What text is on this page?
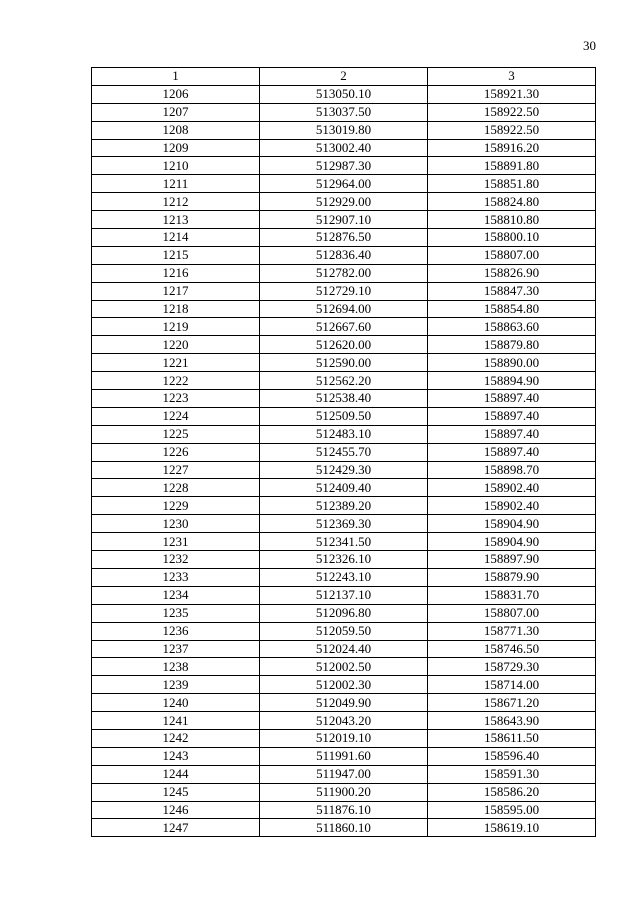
30
1	2	3
1206	513050.10	158921.30
1207	513037.50	158922.50
1208	513019.80	158922.50
1209	513002.40	158916.20
1210	512987.30	158891.80
1211	512964.00	158851.80
1212	512929.00	158824.80
1213	512907.10	158810.80
1214	512876.50	158800.10
1215	512836.40	158807.00
1216	512782.00	158826.90
1217	512729.10	158847.30
1218	512694.00	158854.80
1219	512667.60	158863.60
1220	512620.00	158879.80
1221	512590.00	158890.00
1222	512562.20	158894.90
1223	512538.40	158897.40
1224	512509.50	158897.40
1225	512483.10	158897.40
1226	512455.70	158897.40
1227	512429.30	158898.70
1228	512409.40	158902.40
1229	512389.20	158902.40
1230	512369.30	158904.90
1231	512341.50	158904.90
1232	512326.10	158897.90
1233	512243.10	158879.90
1234	512137.10	158831.70
1235	512096.80	158807.00
1236	512059.50	158771.30
1237	512024.40	158746.50
1238	512002.50	158729.30
1239	512002.30	158714.00
1240	512049.90	158671.20
1241	512043.20	158643.90
1242	512019.10	158611.50
1243	511991.60	158596.40
1244	511947.00	158591.30
1245	511900.20	158586.20
1246	511876.10	158595.00
1247	511860.10	158619.10
